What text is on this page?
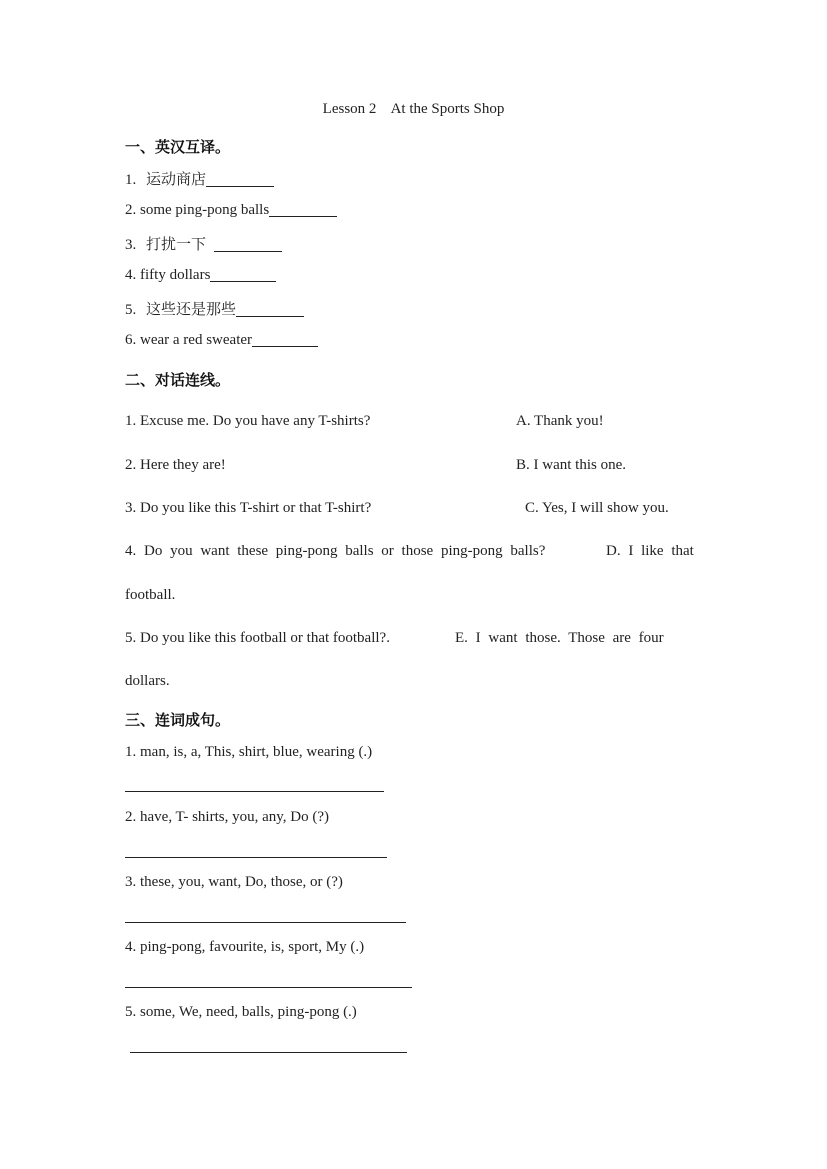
Lesson 2    At the Sports Shop
一、英汉互译。
1. 运动商店
2. some ping-pong balls
3. 打扰一下
4. fifty dollars
5. 这些还是那些
6. wear a red sweater
二、对话连线。
1. Excuse me. Do you have any T-shirts?	A. Thank you!
2. Here they are!	B. I want this one.
3. Do you like this T-shirt or that T-shirt?	C. Yes, I will show you.
4. Do you want these ping-pong balls or those ping-pong balls?	D. I like that
football.
5. Do you like this football or that football?.	E. I want those. Those are four
dollars.
三、连词成句。
1. man, is, a, This, shirt, blue, wearing (.)
2. have, T- shirts, you, any, Do (?)
3. these, you, want, Do, those, or (?)
4. ping-pong, favourite, is, sport, My (.)
5. some, We, need, balls, ping-pong (.)
